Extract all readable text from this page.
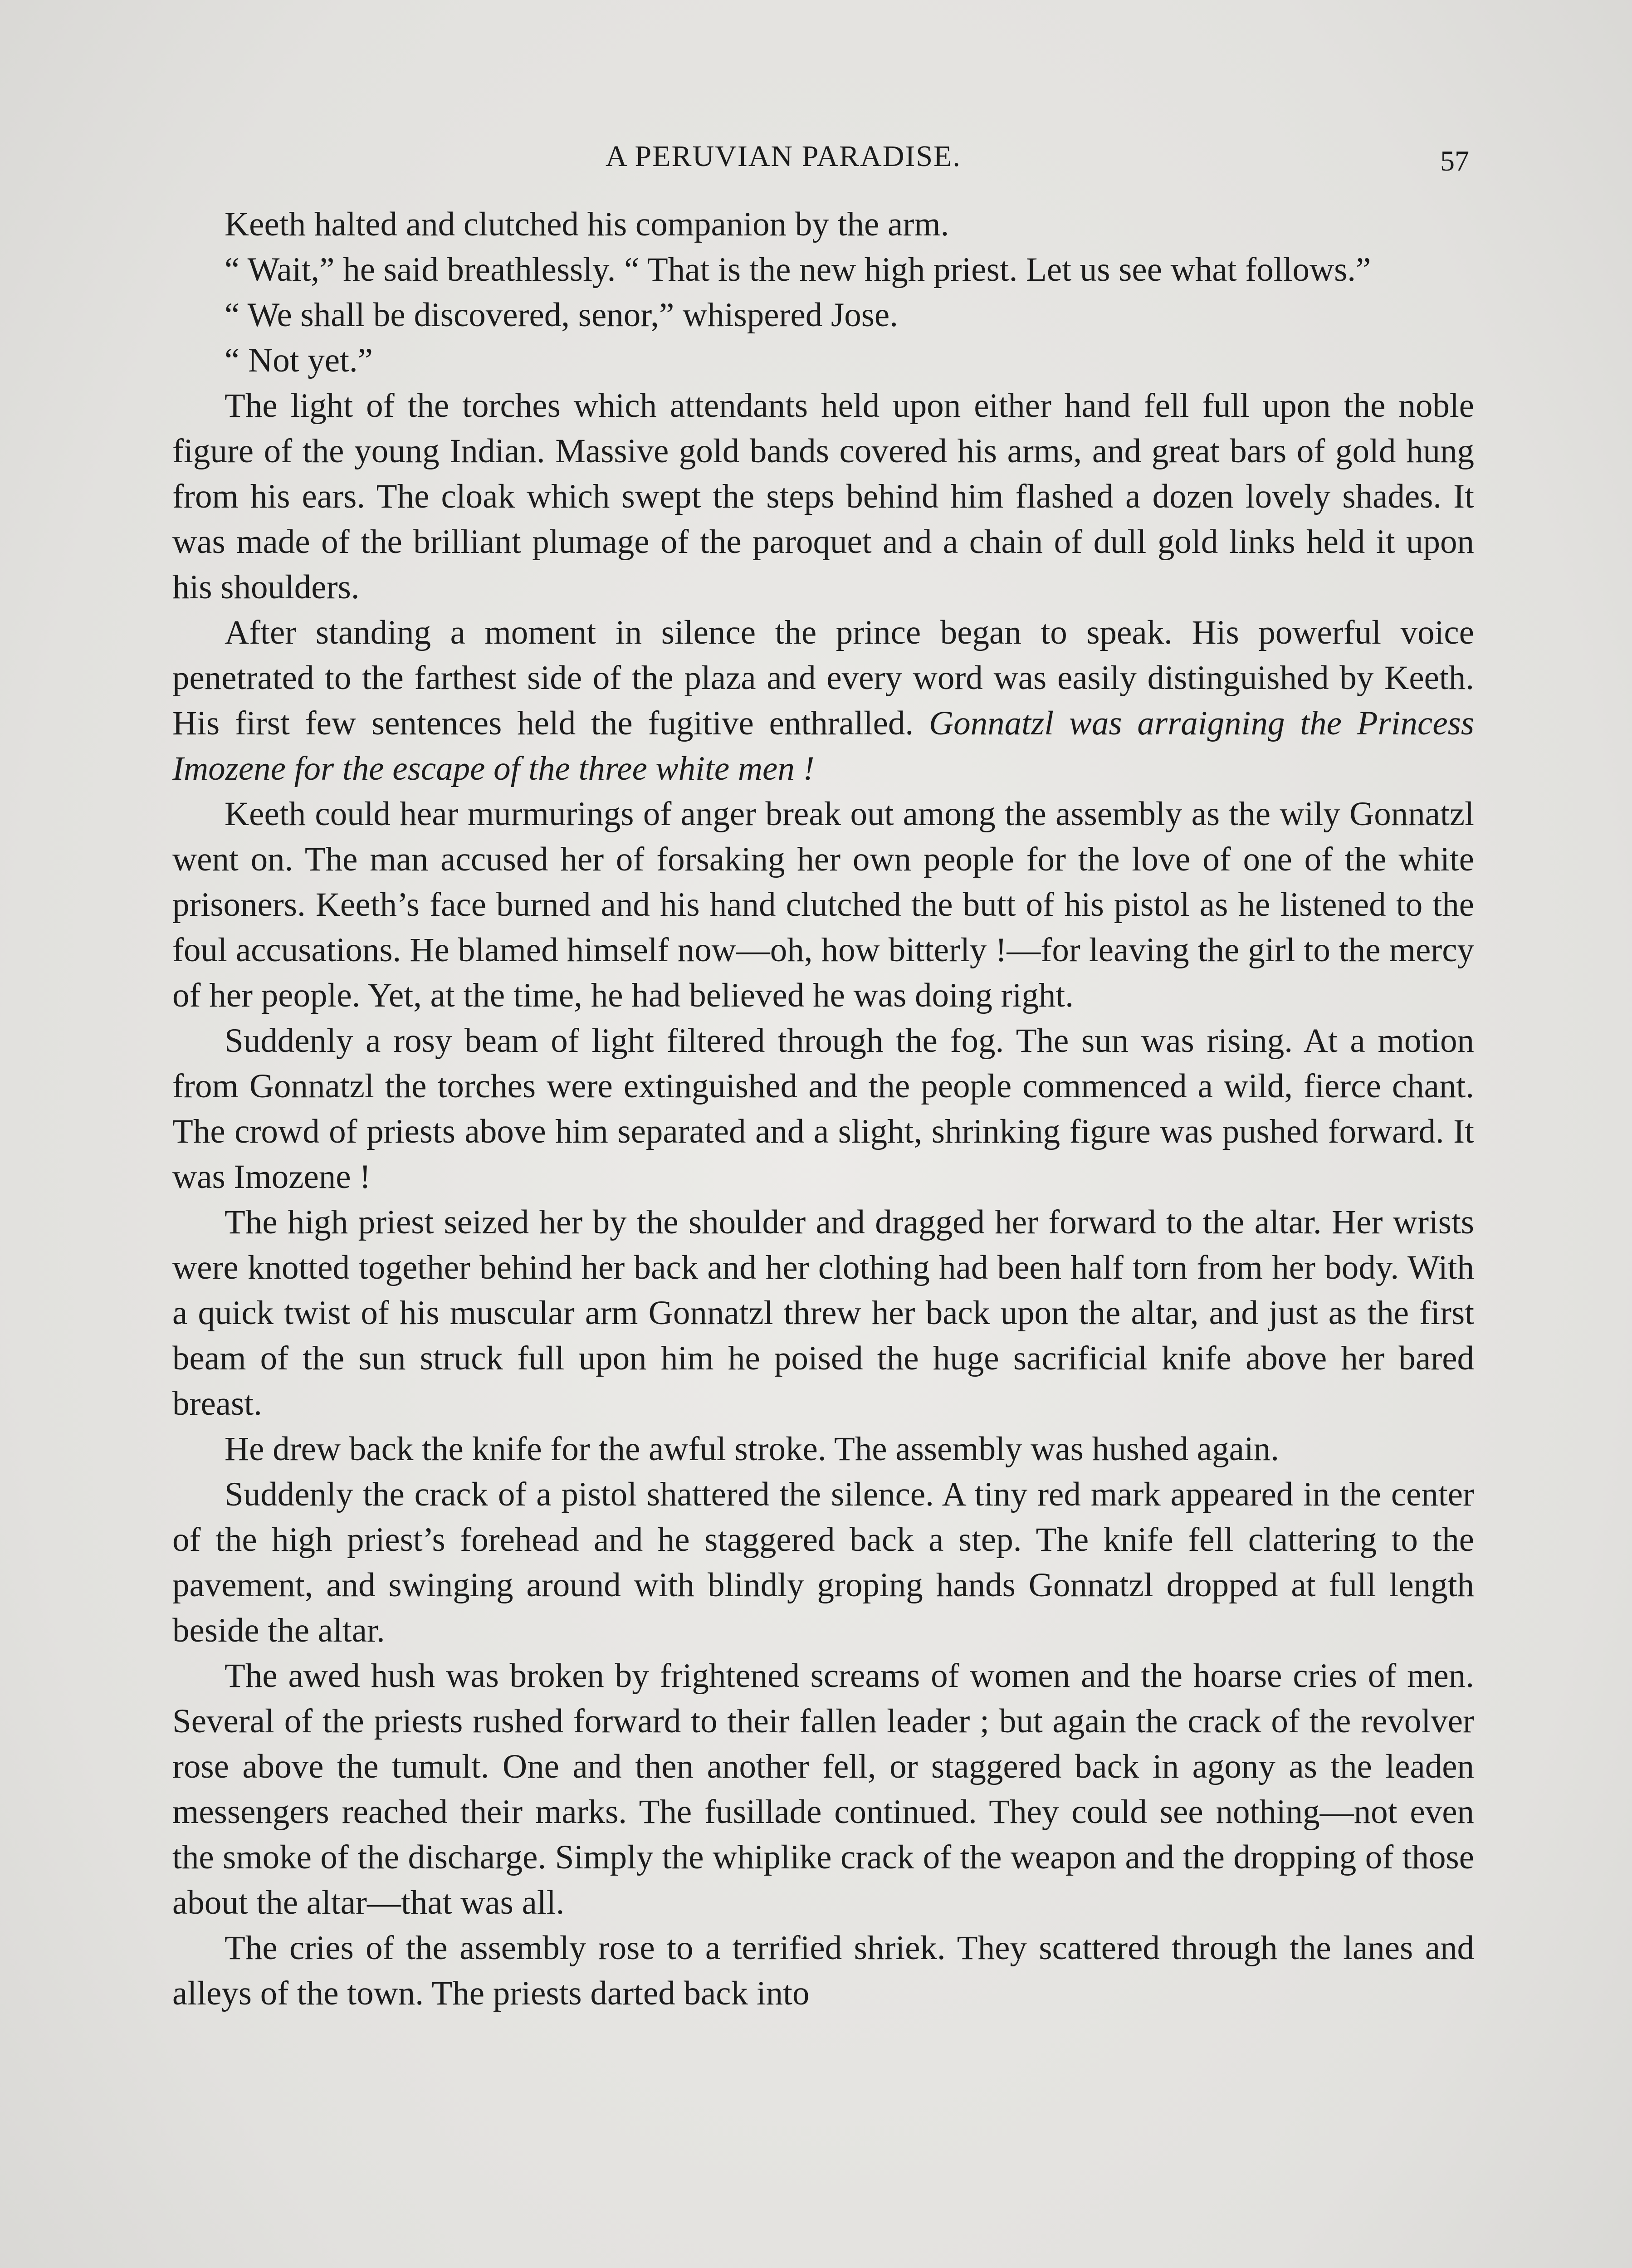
A PERUVIAN PARADISE.	57

Keeth halted and clutched his companion by the arm.

“ Wait,” he said breathlessly. “ That is the new high priest. Let us see what follows.”

“ We shall be discovered, senor,” whispered Jose.

“ Not yet.”

The light of the torches which attendants held upon either hand fell full upon the noble figure of the young Indian. Massive gold bands covered his arms, and great bars of gold hung from his ears. The cloak which swept the steps behind him flashed a dozen lovely shades. It was made of the brilliant plumage of the paroquet and a chain of dull gold links held it upon his shoulders.

After standing a moment in silence the prince began to speak. His powerful voice penetrated to the farthest side of the plaza and every word was easily distinguished by Keeth. His first few sentences held the fugitive enthralled. Gonnatzl was arraigning the Princess Imozene for the escape of the three white men !

Keeth could hear murmurings of anger break out among the assembly as the wily Gonnatzl went on. The man accused her of forsaking her own people for the love of one of the white prisoners. Keeth’s face burned and his hand clutched the butt of his pistol as he listened to the foul accusations. He blamed himself now—oh, how bitterly !—for leaving the girl to the mercy of her people. Yet, at the time, he had believed he was doing right.

Suddenly a rosy beam of light filtered through the fog. The sun was rising. At a motion from Gonnatzl the torches were extinguished and the people commenced a wild, fierce chant. The crowd of priests above him separated and a slight, shrinking figure was pushed forward. It was Imozene !

The high priest seized her by the shoulder and dragged her forward to the altar. Her wrists were knotted together behind her back and her clothing had been half torn from her body. With a quick twist of his muscular arm Gonnatzl threw her back upon the altar, and just as the first beam of the sun struck full upon him he poised the huge sacrificial knife above her bared breast.

He drew back the knife for the awful stroke. The assembly was hushed again.

Suddenly the crack of a pistol shattered the silence. A tiny red mark appeared in the center of the high priest’s forehead and he staggered back a step. The knife fell clattering to the pavement, and swinging around with blindly groping hands Gonnatzl dropped at full length beside the altar.

The awed hush was broken by frightened screams of women and the hoarse cries of men. Several of the priests rushed forward to their fallen leader ; but again the crack of the revolver rose above the tumult. One and then another fell, or staggered back in agony as the leaden messengers reached their marks. The fusillade continued. They could see nothing—not even the smoke of the discharge. Simply the whiplike crack of the weapon and the dropping of those about the altar—that was all.

The cries of the assembly rose to a terrified shriek. They scattered through the lanes and alleys of the town. The priests darted back into
